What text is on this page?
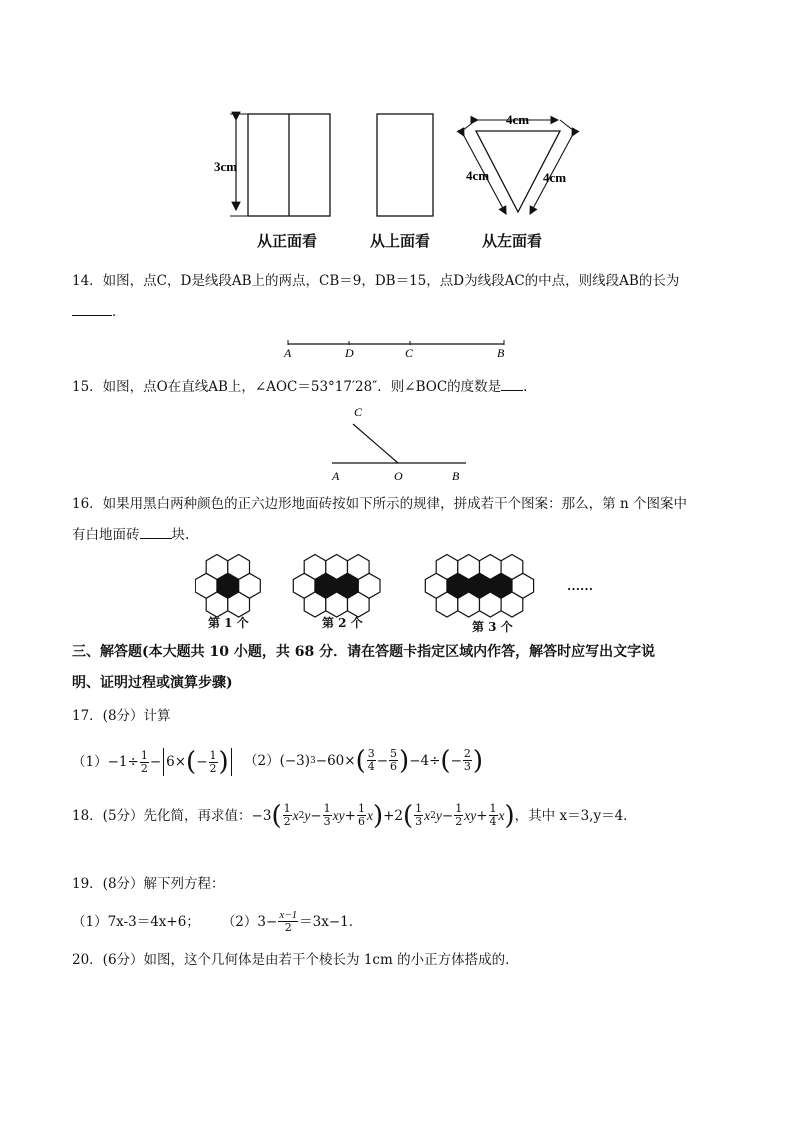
3cm
4cm
4cm	4cm
从正面看	从上面看	从左面看
14．如图，点C，D是线段AB上的两点，CB＝9，DB＝15，点D为线段AC的中点，则线段AB的长为
．
A	D	C	B
15．如图，点O在直线AB上，∠AOC＝53°17′28″．则∠BOC的度数是 ．
C
A	O	B
16．如果用黑白两种颜色的正六边形地面砖按如下所示的规律，拼成若干个图案：那么，第 n 个图案中
有白地面砖 块.
……
第 1 个	第 2 个	第 3 个
三、解答题(本大题共 10 小题，共 68 分．请在答题卡指定区域内作答，解答时应写出文字说
明、证明过程或演算步骤)
17．(8分）计算
$(1) -1\div \frac{1}{2} - 6\times$ ( − $\frac{1}{2}$ ) （2） (−3) 3 −60× ( $\frac{3}{4} - \frac{5}{6}$ ) −4÷ ( − $\frac{2}{3}$ )
18．(5分）先化简，再求值： −3 ( $\frac{1}{2}$ x 2 $y - \frac{1}{3}$ xy + $\frac{1}{6}$ x ) +2 ( $\frac{1}{3}$ x 2 $y - \frac{1}{2}$ xy + $\frac{1}{4}$ x ) ，其中 x＝3,y＝4．
19．(8分）解下列方程：
（1）7x-3＝4x+6； （2） $3- \frac{x-1}{2} =3x-1$．
20．(6分）如图，这个几何体是由若干个棱长为 1cm 的小正方体搭成的．
